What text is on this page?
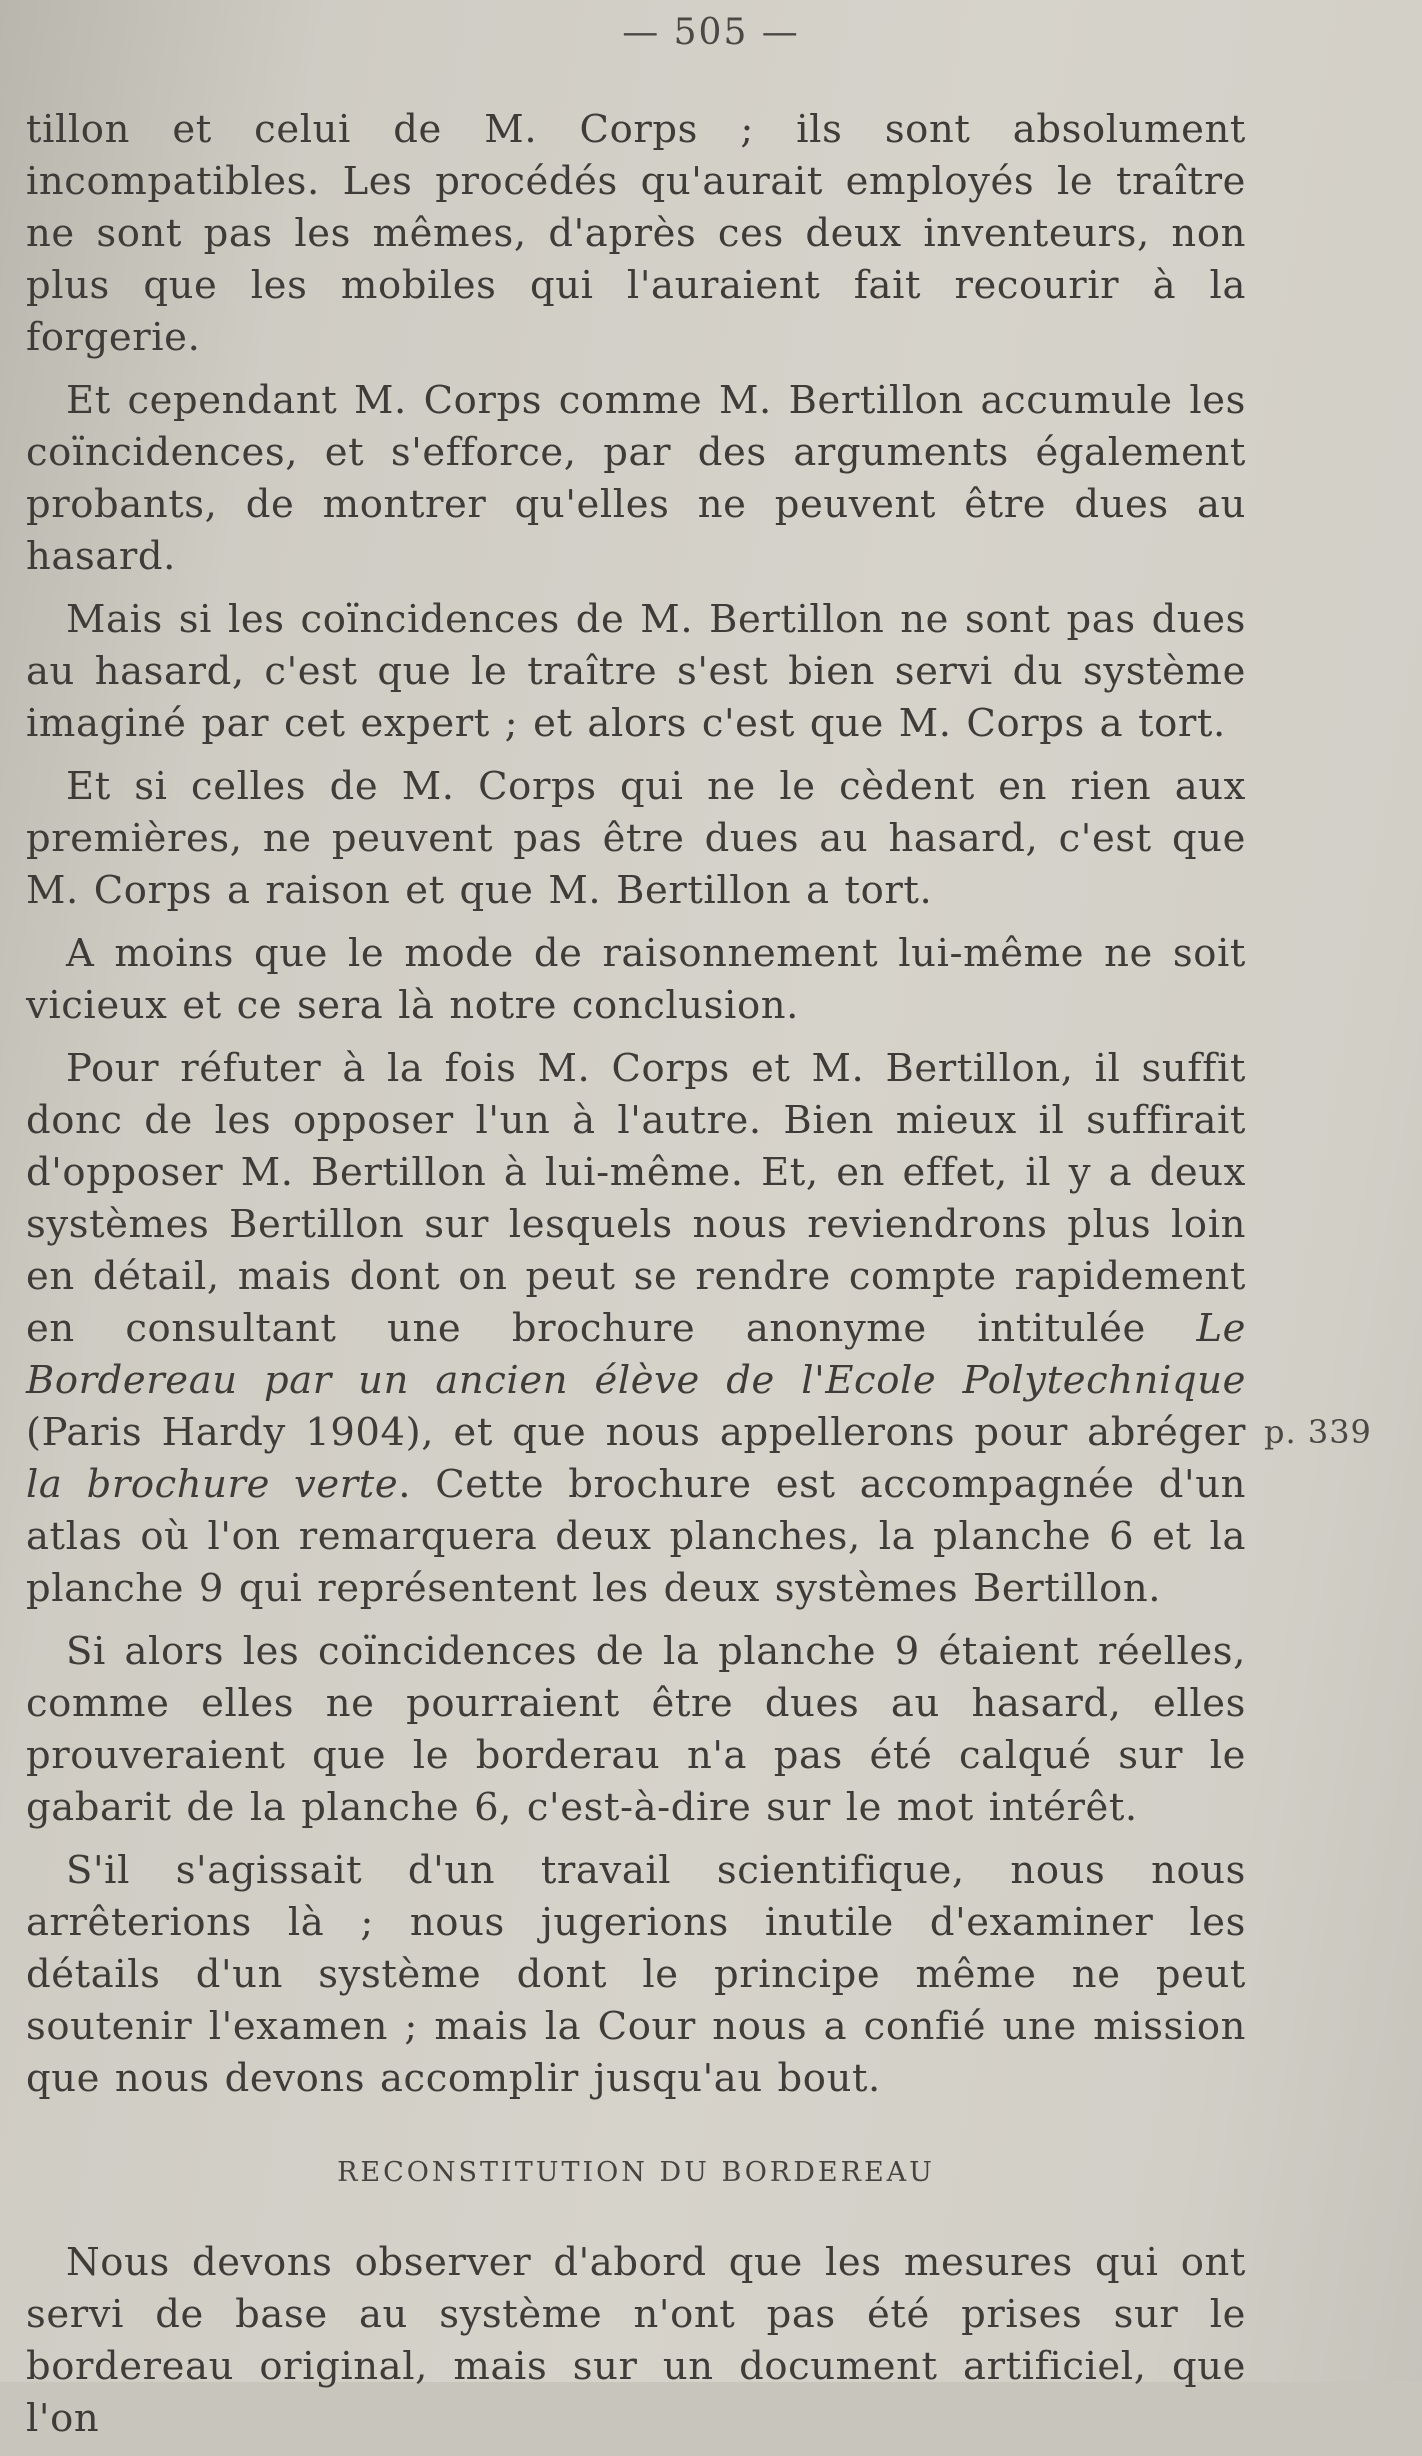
— 505 —
p. 339

tillon et celui de M. Corps ; ils sont absolument incompatibles. Les procédés qu'aurait employés le traître ne sont pas les mêmes, d'après ces deux inventeurs, non plus que les mobiles qui l'auraient fait recourir à la forgerie.

Et cependant M. Corps comme M. Bertillon accumule les coïncidences, et s'efforce, par des arguments également probants, de montrer qu'elles ne peuvent être dues au hasard.

Mais si les coïncidences de M. Bertillon ne sont pas dues au hasard, c'est que le traître s'est bien servi du système imaginé par cet expert ; et alors c'est que M. Corps a tort.

Et si celles de M. Corps qui ne le cèdent en rien aux premières, ne peuvent pas être dues au hasard, c'est que M. Corps a raison et que M. Bertillon a tort.

A moins que le mode de raisonnement lui-même ne soit vicieux et ce sera là notre conclusion.

Pour réfuter à la fois M. Corps et M. Bertillon, il suffit donc de les opposer l'un à l'autre. Bien mieux il suffirait d'opposer M. Bertillon à lui-même. Et, en effet, il y a deux systèmes Bertillon sur lesquels nous reviendrons plus loin en détail, mais dont on peut se rendre compte rapidement en consultant une brochure anonyme intitulée Le Bordereau par un ancien élève de l'Ecole Polytechnique (Paris Hardy 1904), et que nous appellerons pour abréger la brochure verte. Cette brochure est accompagnée d'un atlas où l'on remarquera deux planches, la planche 6 et la planche 9 qui représentent les deux systèmes Bertillon.

Si alors les coïncidences de la planche 9 étaient réelles, comme elles ne pourraient être dues au hasard, elles prouveraient que le borderau n'a pas été calqué sur le gabarit de la planche 6, c'est-à-dire sur le mot intérêt.

S'il s'agissait d'un travail scientifique, nous nous arrêterions là ; nous jugerions inutile d'examiner les détails d'un système dont le principe même ne peut soutenir l'examen ; mais la Cour nous a confié une mission que nous devons accomplir jusqu'au bout.

RECONSTITUTION DU BORDEREAU

Nous devons observer d'abord que les mesures qui ont servi de base au système n'ont pas été prises sur le bordereau original, mais sur un document artificiel, que l'on
